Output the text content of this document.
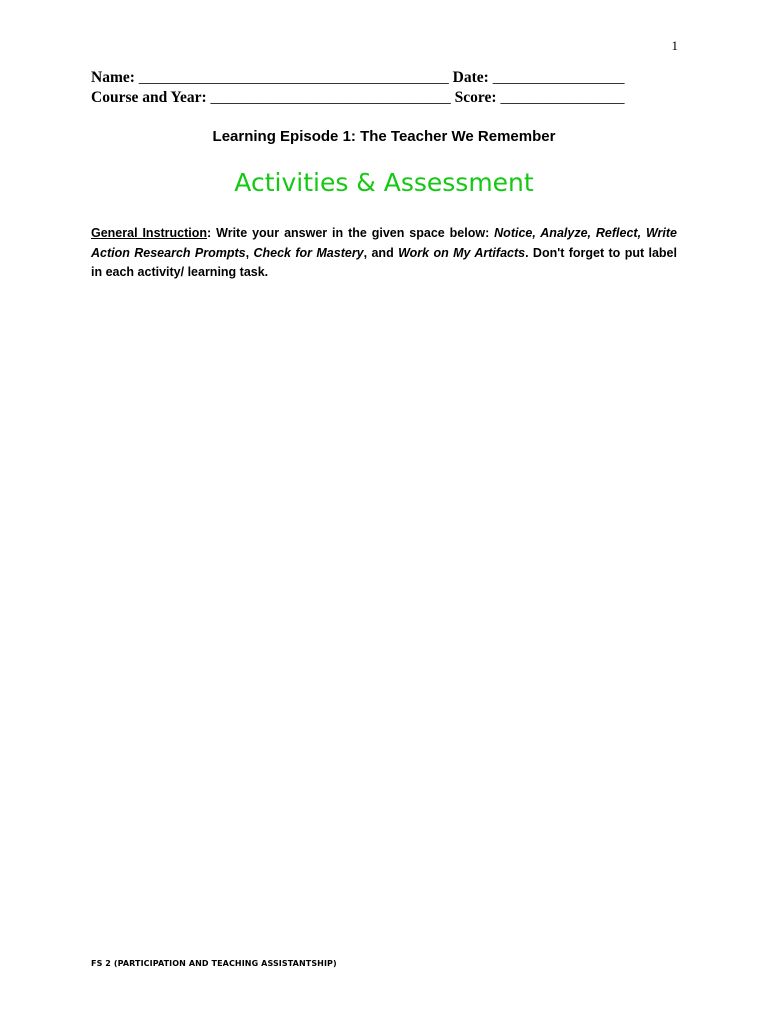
1
Name: ________________________________________ Date: _________________
Course and Year: _______________________________ Score: ________________
Learning Episode 1: The Teacher We Remember
Activities & Assessment
General Instruction: Write your answer in the given space below: Notice, Analyze, Reflect, Write Action Research Prompts, Check for Mastery, and Work on My Artifacts. Don't forget to put label in each activity/ learning task.
FS 2 (PARTICIPATION AND TEACHING ASSISTANTSHIP)
